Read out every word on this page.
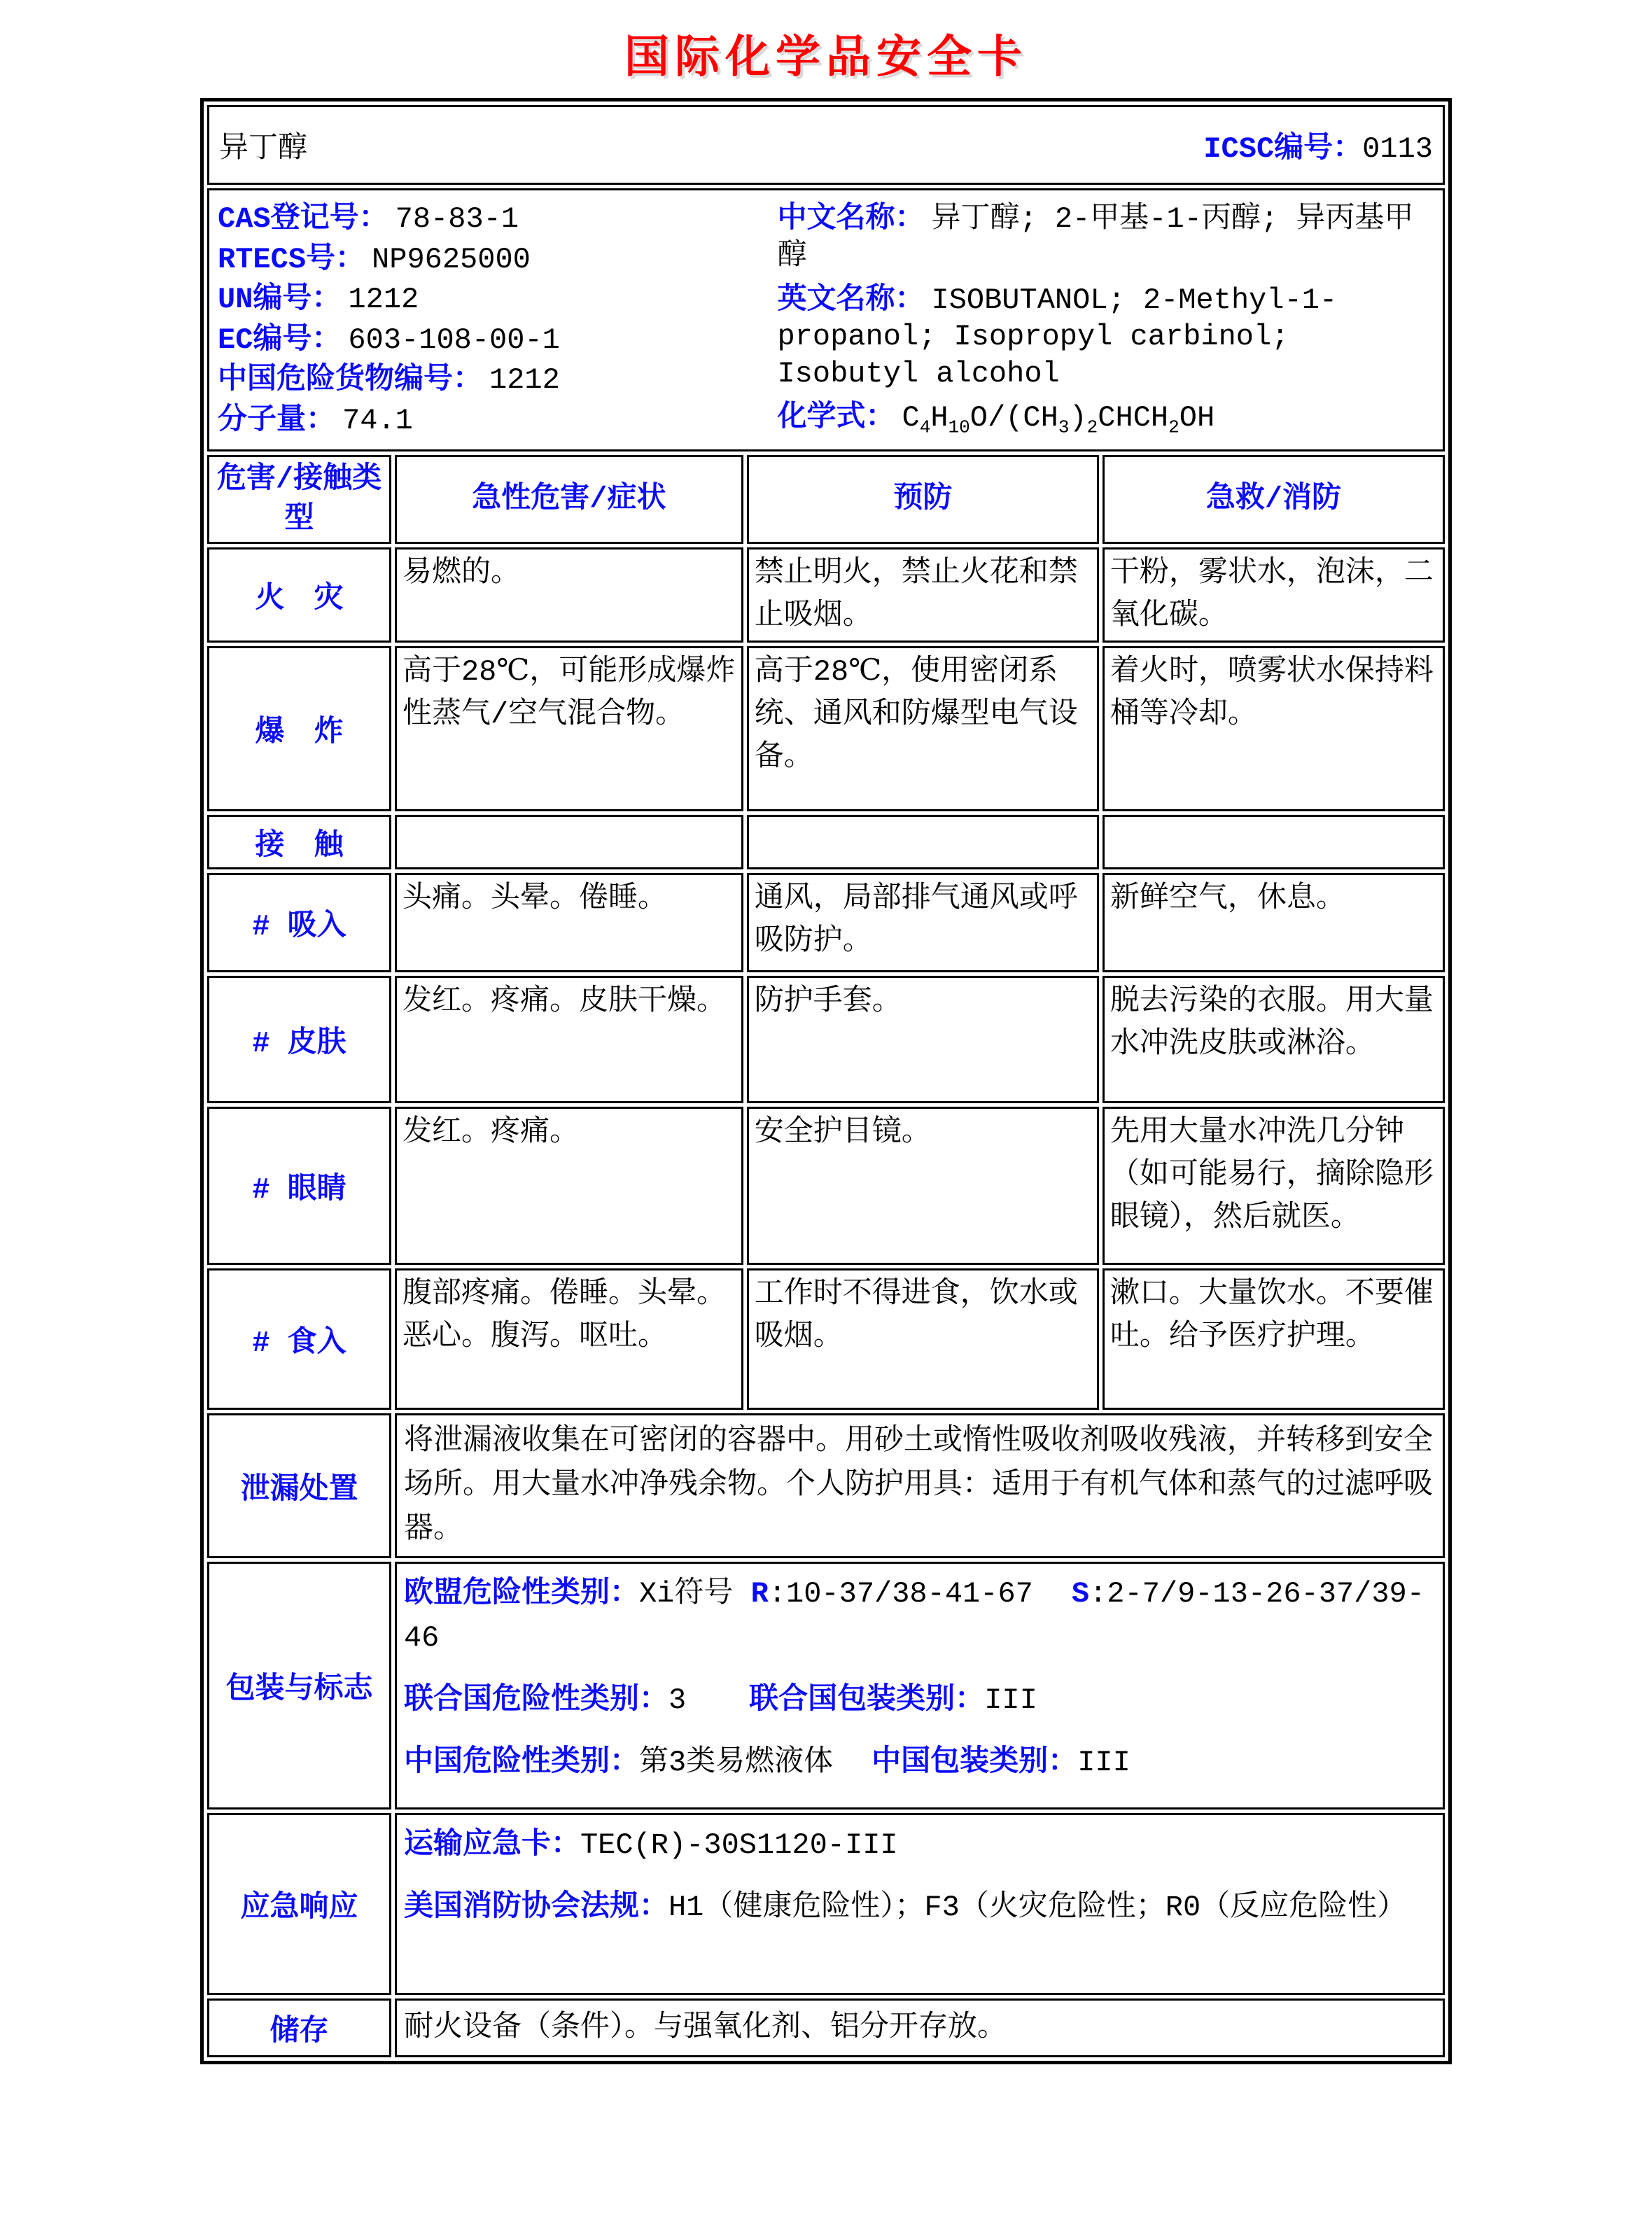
国际化学品安全卡
异丁醇 ICSC编号：0113			

CAS登记号： 78-83-1
RTECS号： NP9625000
UN编号： 1212
EC编号： 603-108-00-1
中国危险货物编号： 1212
分子量： 74.1
中文名称： 异丁醇; 2-甲基-1-丙醇; 异丙基甲醇
英文名称： ISOBUTANOL; 2-Methyl-1-propanol; Isopropyl carbinol; Isobutyl alcohol
化学式： $C_4H_{10}O/(CH_3)_2CHCH_2OH$

危害/接触类型	急性危害/症状	预防	急救/消防
火　灾	易燃的。	禁止明火，禁止火花和禁止吸烟。	干粉，雾状水，泡沫，二氧化碳。
爆　炸	高于28℃，可能形成爆炸性蒸气/空气混合物。	高于28℃，使用密闭系统、通风和防爆型电气设备。	着火时，喷雾状水保持料桶等冷却。
接　触			
# 吸入	头痛。头晕。倦睡。	通风，局部排气通风或呼吸防护。	新鲜空气，休息。
# 皮肤	发红。疼痛。皮肤干燥。	防护手套。	脱去污染的衣服。用大量水冲洗皮肤或淋浴。
# 眼睛	发红。疼痛。	安全护目镜。	先用大量水冲洗几分钟（如可能易行，摘除隐形眼镜），然后就医。
# 食入	腹部疼痛。倦睡。头晕。恶心。腹泻。呕吐。	工作时不得进食，饮水或吸烟。	漱口。大量饮水。不要催吐。给予医疗护理。
泄漏处置	将泄漏液收集在可密闭的容器中。用砂土或惰性吸收剂吸收残液，并转移到安全场所。用大量水冲净残余物。个人防护用具：适用于有机气体和蒸气的过滤呼吸器。		
包装与标志	欧盟危险性类别：Xi符号 R:10-37/38-41-67 S:2-7/9-13-26-37/39-46

联合国危险性类别：3 联合国包装类别：III

中国危险性类别：第3类易燃液体 中国包装类别：III		

应急响应	运输应急卡：TEC(R)-30S1120-III

美国消防协会法规：H1（健康危险性）；F3（火灾危险性；R0（反应危险性）		

储存	耐火设备（条件）。与强氧化剂、铝分开存放。		
